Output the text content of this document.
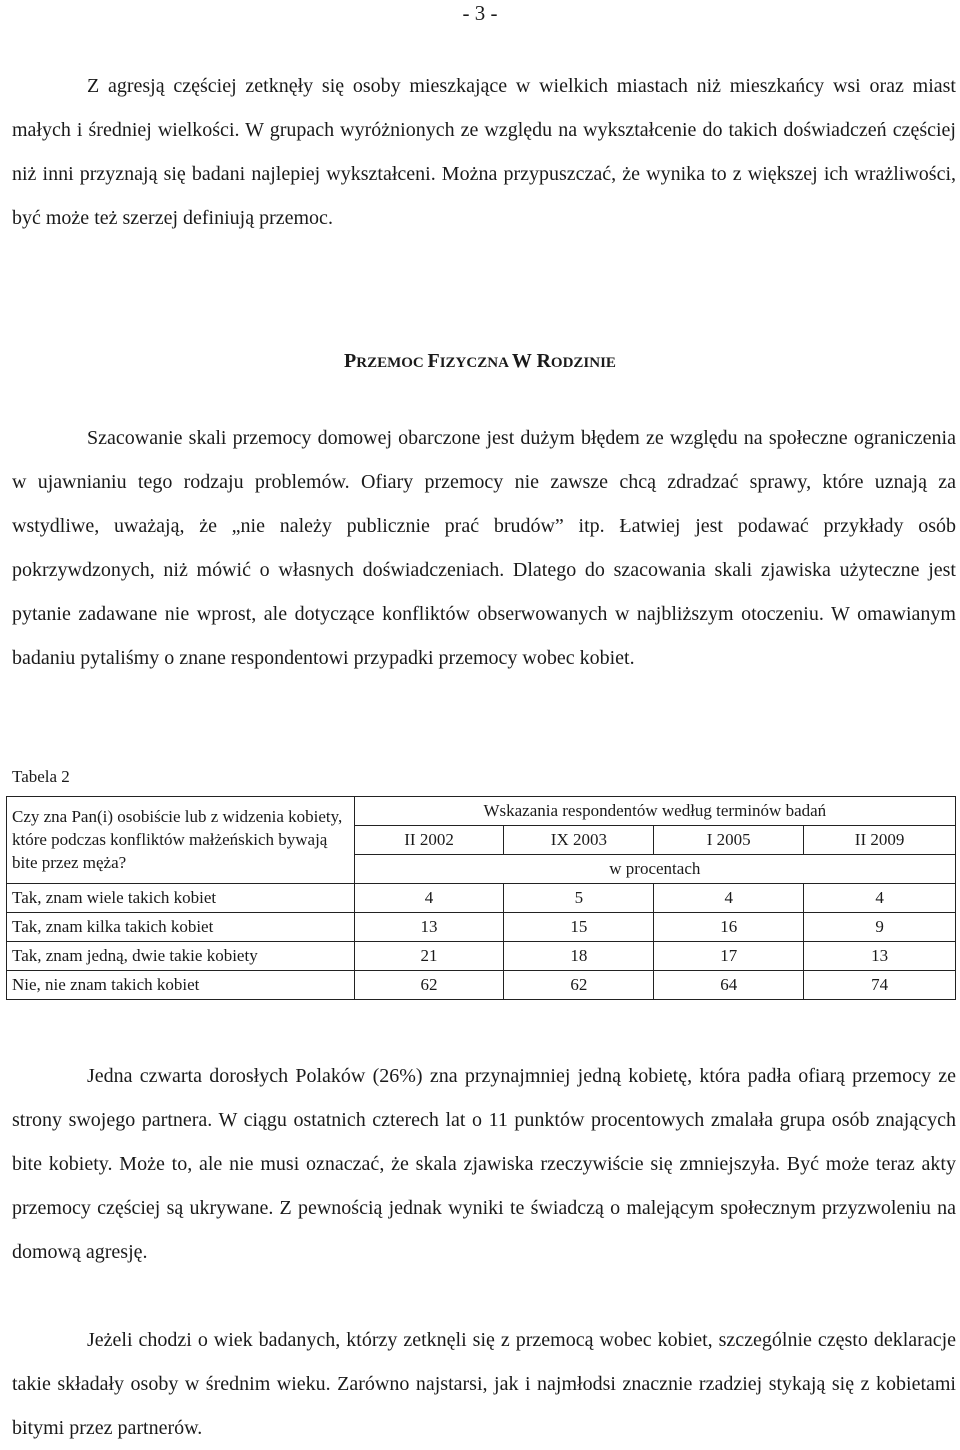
- 3 -

Z agresją częściej zetknęły się osoby mieszkające w wielkich miastach niż mieszkańcy wsi oraz miast małych i średniej wielkości. W grupach wyróżnionych ze względu na wykształcenie do takich doświadczeń częściej niż inni przyznają się badani najlepiej wykształceni. Można przypuszczać, że wynika to z większej ich wrażliwości, być może też szerzej definiują przemoc.

PRZEMOC FIZYCZNA W RODZINIE

Szacowanie skali przemocy domowej obarczone jest dużym błędem ze względu na społeczne ograniczenia w ujawnianiu tego rodzaju problemów. Ofiary przemocy nie zawsze chcą zdradzać sprawy, które uznają za wstydliwe, uważają, że „nie należy publicznie prać brudów” itp. Łatwiej jest podawać przykłady osób pokrzywdzonych, niż mówić o własnych doświadczeniach. Dlatego do szacowania skali zjawiska użyteczne jest pytanie zadawane nie wprost, ale dotyczące konfliktów obserwowanych w najbliższym otoczeniu. W omawianym badaniu pytaliśmy o znane respondentowi przypadki przemocy wobec kobiet.

Tabela 2
Czy zna Pan(i) osobiście lub z widzenia kobiety, które podczas konfliktów małżeńskich bywają bite przez męża?	Wskazania respondentów według terminów badań			
	II 2002	IX 2003	I 2005	II 2009
	w procentach			
Tak, znam wiele takich kobiet	4	5	4	4
Tak, znam kilka takich kobiet	13	15	16	9
Tak, znam jedną, dwie takie kobiety	21	18	17	13
Nie, nie znam takich kobiet	62	62	64	74

Jedna czwarta dorosłych Polaków (26%) zna przynajmniej jedną kobietę, która padła ofiarą przemocy ze strony swojego partnera. W ciągu ostatnich czterech lat o 11 punktów procentowych zmalała grupa osób znających bite kobiety. Może to, ale nie musi oznaczać, że skala zjawiska rzeczywiście się zmniejszyła. Być może teraz akty przemocy częściej są ukrywane. Z pewnością jednak wyniki te świadczą o malejącym społecznym przyzwoleniu na domową agresję.

Jeżeli chodzi o wiek badanych, którzy zetknęli się z przemocą wobec kobiet, szczególnie często deklaracje takie składały osoby w średnim wieku. Zarówno najstarsi, jak i najmłodsi znacznie rzadziej stykają się z kobietami bitymi przez partnerów.
